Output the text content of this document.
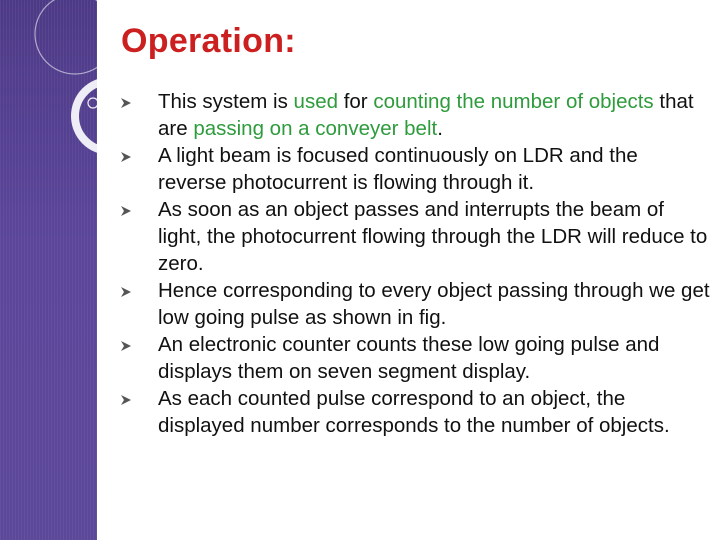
Operation:
This system is used for counting the number of objects that are passing on a conveyer belt.
A light beam is focused continuously on LDR and the reverse photocurrent is flowing through it.
As soon as an object passes and interrupts the beam of light, the photocurrent flowing through the LDR will reduce to zero.
Hence corresponding to every object passing through we get low going pulse as shown in fig.
An electronic counter counts these low going pulse and displays them on seven segment display.
As each counted pulse correspond to an object, the displayed number corresponds to the number of objects.
